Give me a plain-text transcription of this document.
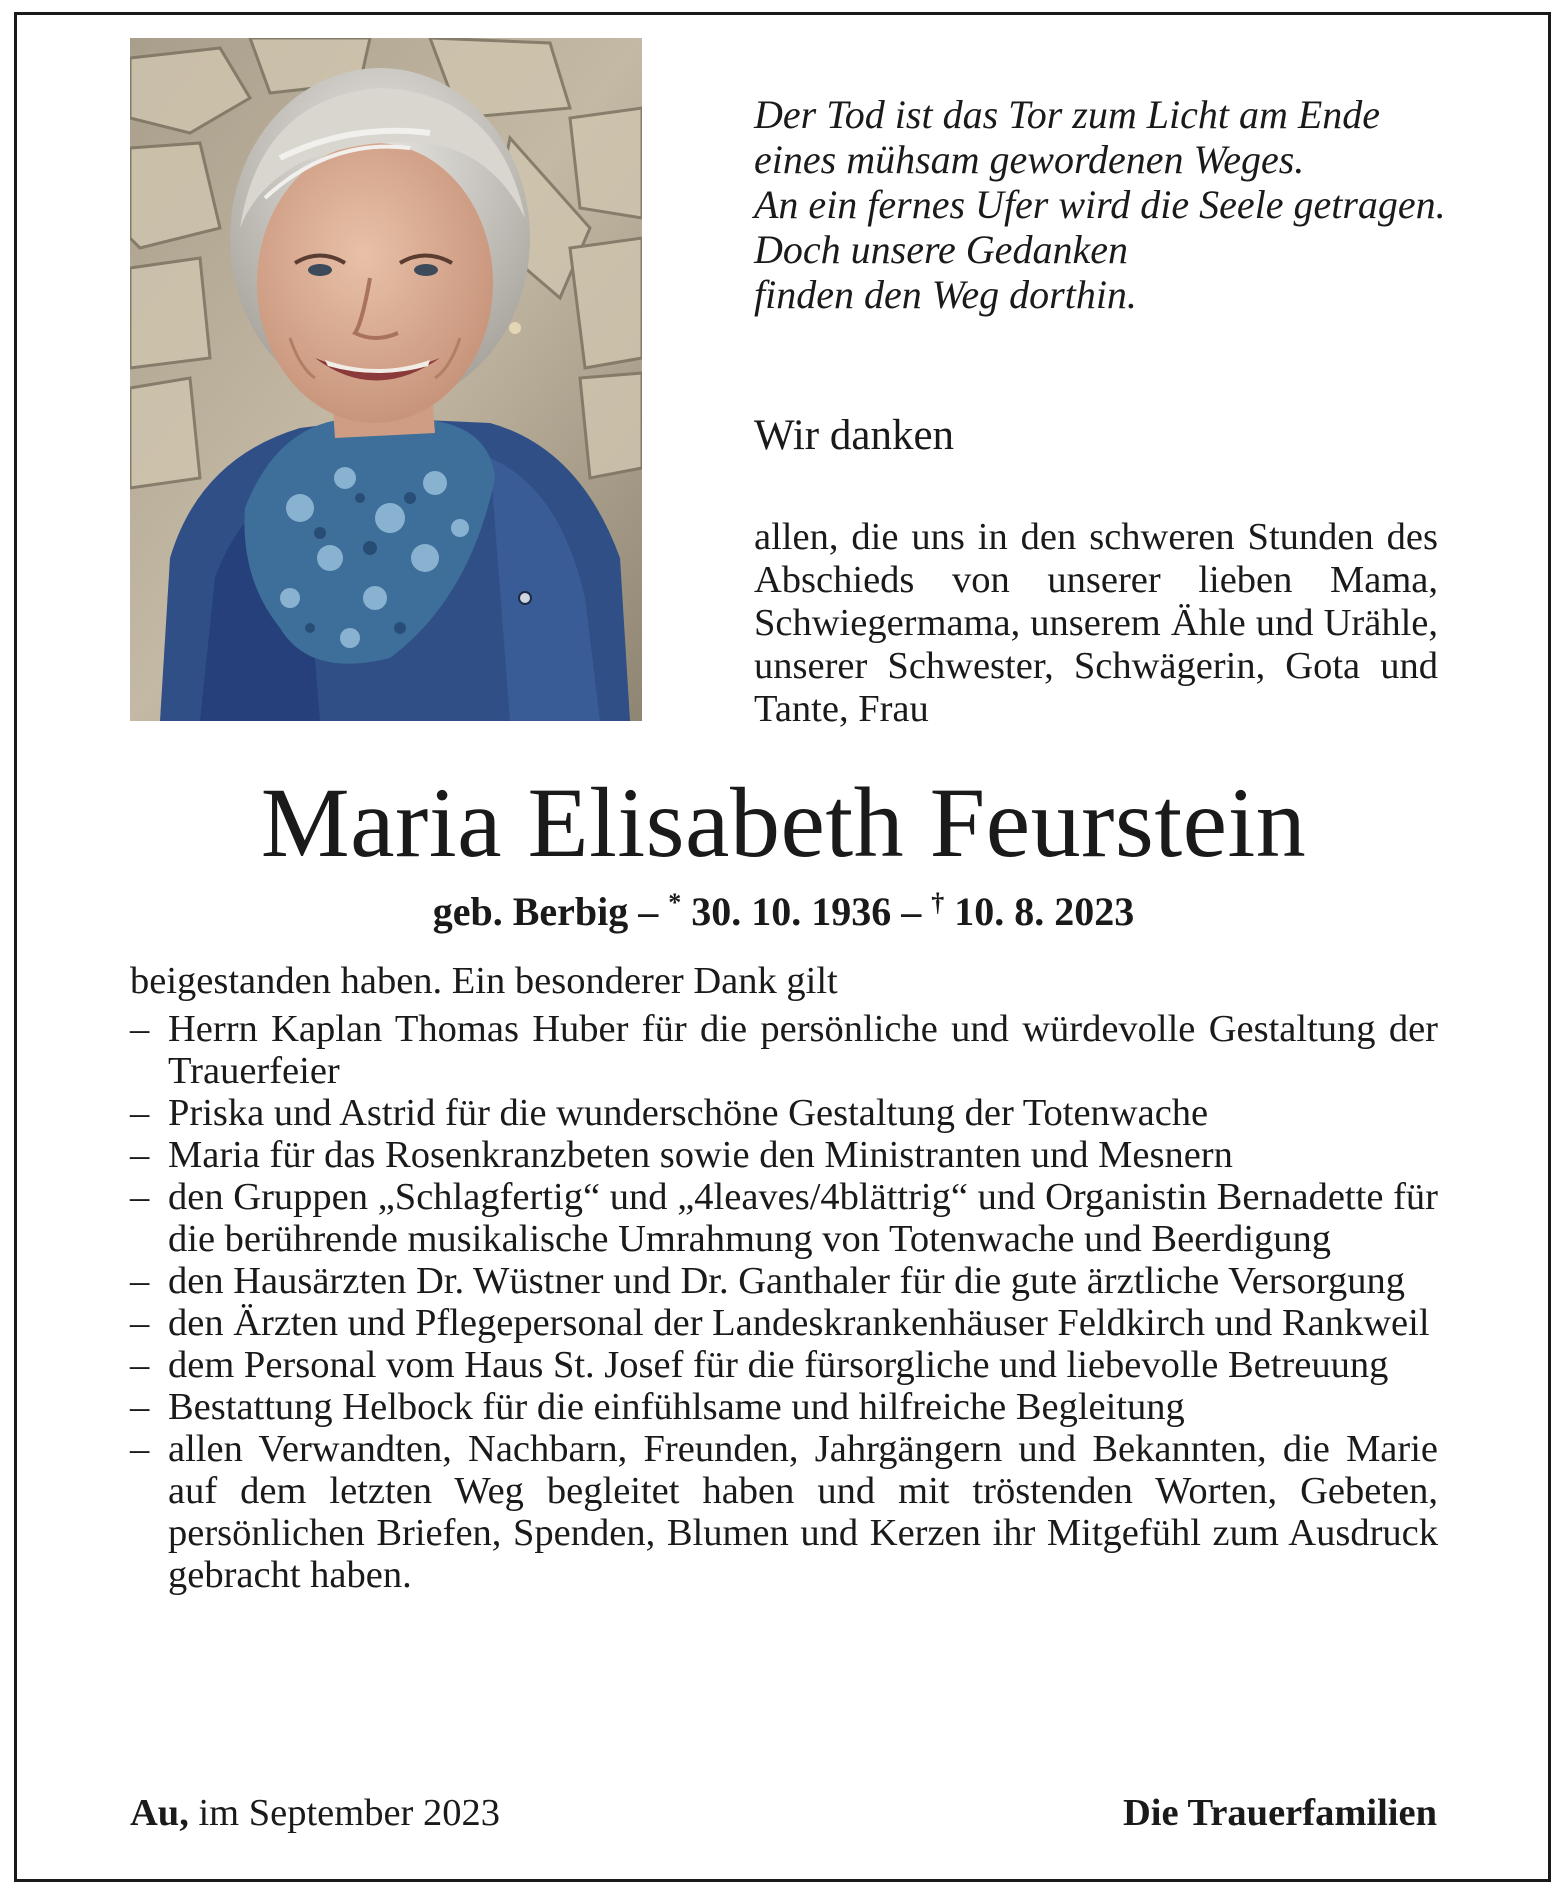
Der Tod ist das Tor zum Licht am Ende
eines mühsam gewordenen Weges.
An ein fernes Ufer wird die Seele getragen.
Doch unsere Gedanken
finden den Weg dorthin.

Wir danken

allen, die uns in den schweren Stunden des Abschieds von unserer lieben Mama, Schwiegermama, unserem Ähle und Urähle, unserer Schwester, Schwägerin, Gota und Tante, Frau

Maria Elisabeth Feurstein

geb. Berbig – * 30. 10. 1936 – † 10. 8. 2023

beigestanden haben. Ein besonderer Dank gilt

– Herrn Kaplan Thomas Huber für die persönliche und würdevolle Gestaltung der Trauerfeier
– Priska und Astrid für die wunderschöne Gestaltung der Totenwache
– Maria für das Rosenkranzbeten sowie den Ministranten und Mesnern
– den Gruppen „Schlagfertig“ und „4leaves/4blättrig“ und Organistin Bernadette für die berührende musikalische Umrahmung von Totenwache und Beerdigung
– den Hausärzten Dr. Wüstner und Dr. Ganthaler für die gute ärztliche Versorgung
– den Ärzten und Pflegepersonal der Landeskrankenhäuser Feldkirch und Rankweil
– dem Personal vom Haus St. Josef für die fürsorgliche und liebevolle Betreuung
– Bestattung Helbock für die einfühlsame und hilfreiche Begleitung
– allen Verwandten, Nachbarn, Freunden, Jahrgängern und Bekannten, die Marie auf dem letzten Weg begleitet haben und mit tröstenden Worten, Gebeten, persönlichen Briefen, Spenden, Blumen und Kerzen ihr Mitgefühl zum Ausdruck gebracht haben.

Au, im September 2023	Die Trauerfamilien
